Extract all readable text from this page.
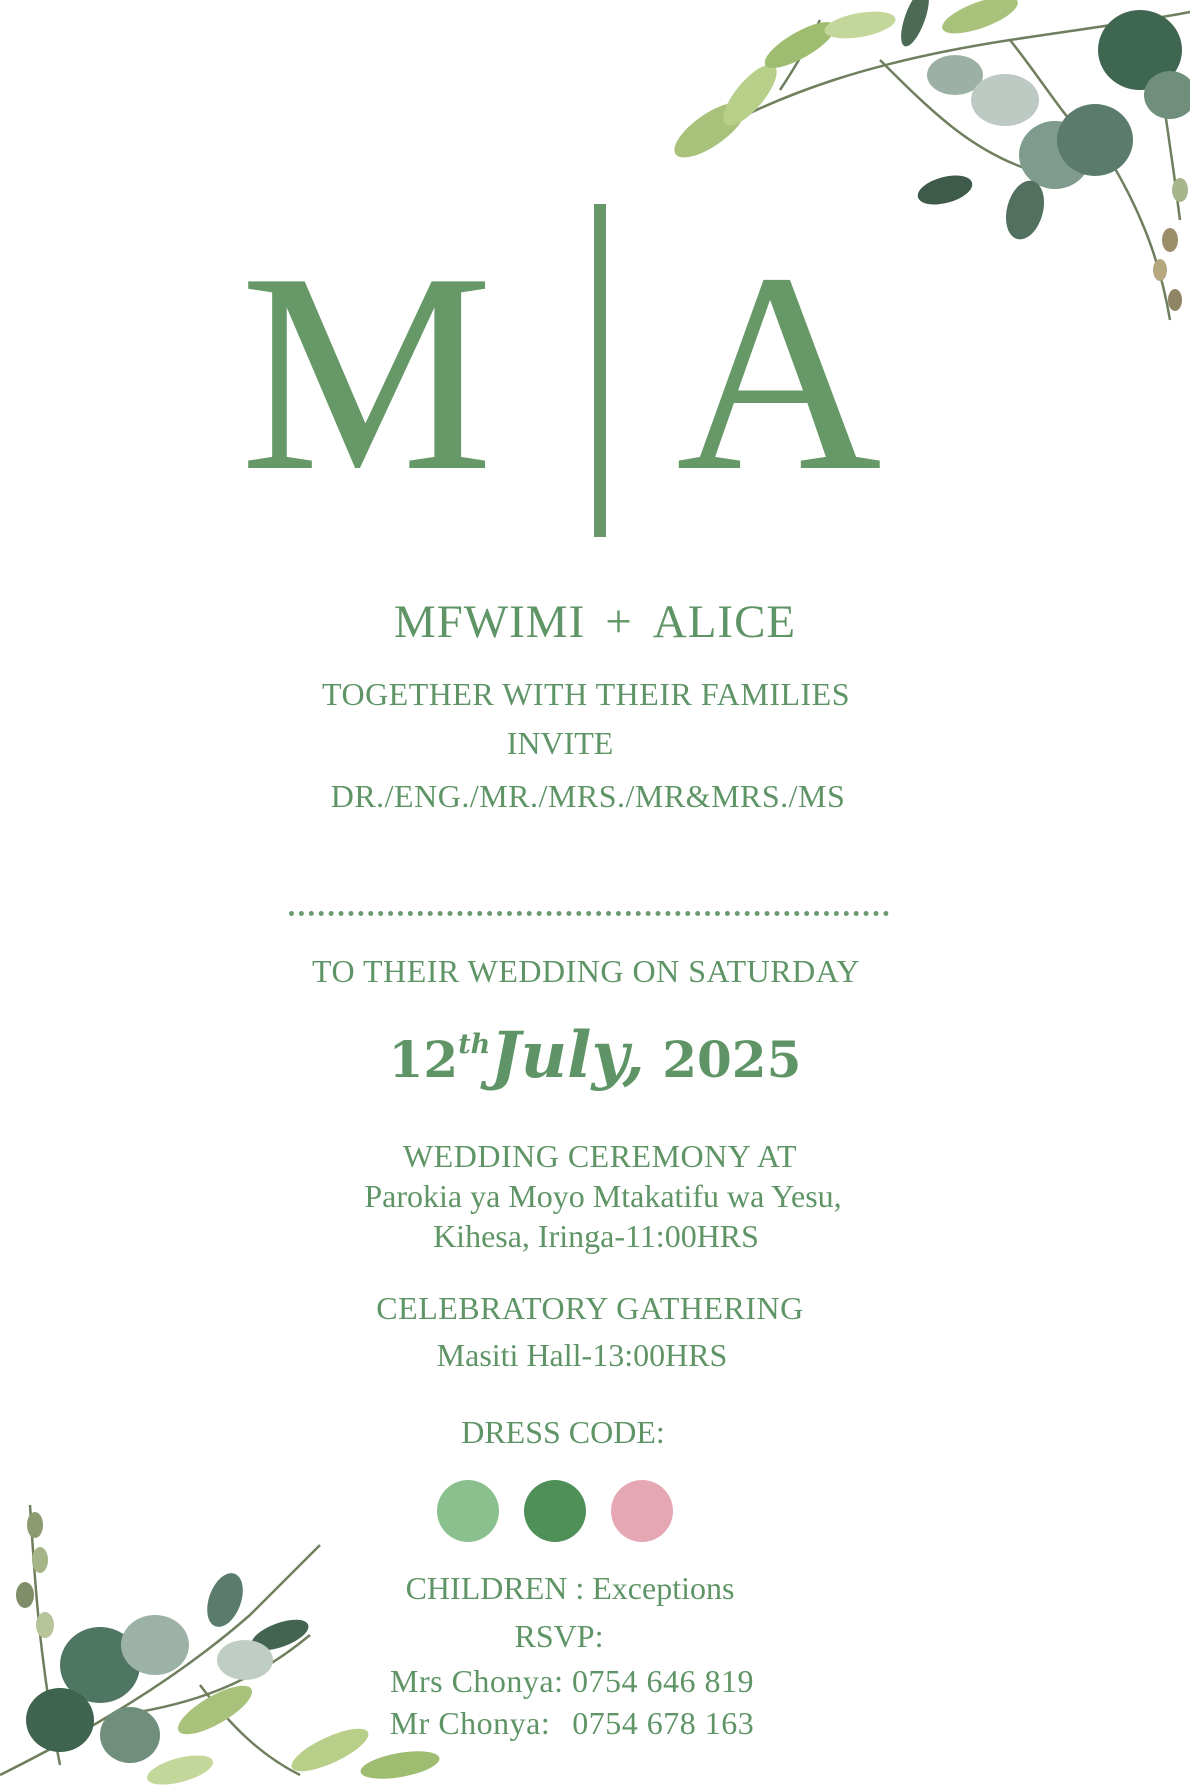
M A
MFWIMI + ALICE
TOGETHER WITH THEIR FAMILIES
INVITE
DR./ENG./MR./MRS./MR&MRS./MS
TO THEIR WEDDING ON SATURDAY
12thJuly, 2025
WEDDING CEREMONY AT
Parokia ya Moyo Mtakatifu wa Yesu,
Kihesa, Iringa-11:00HRS
CELEBRATORY GATHERING
Masiti Hall-13:00HRS
DRESS CODE:
CHILDREN : Exceptions
RSVP:
Mrs Chonya: 0754 646 819
Mr Chonya: 0754 678 163
